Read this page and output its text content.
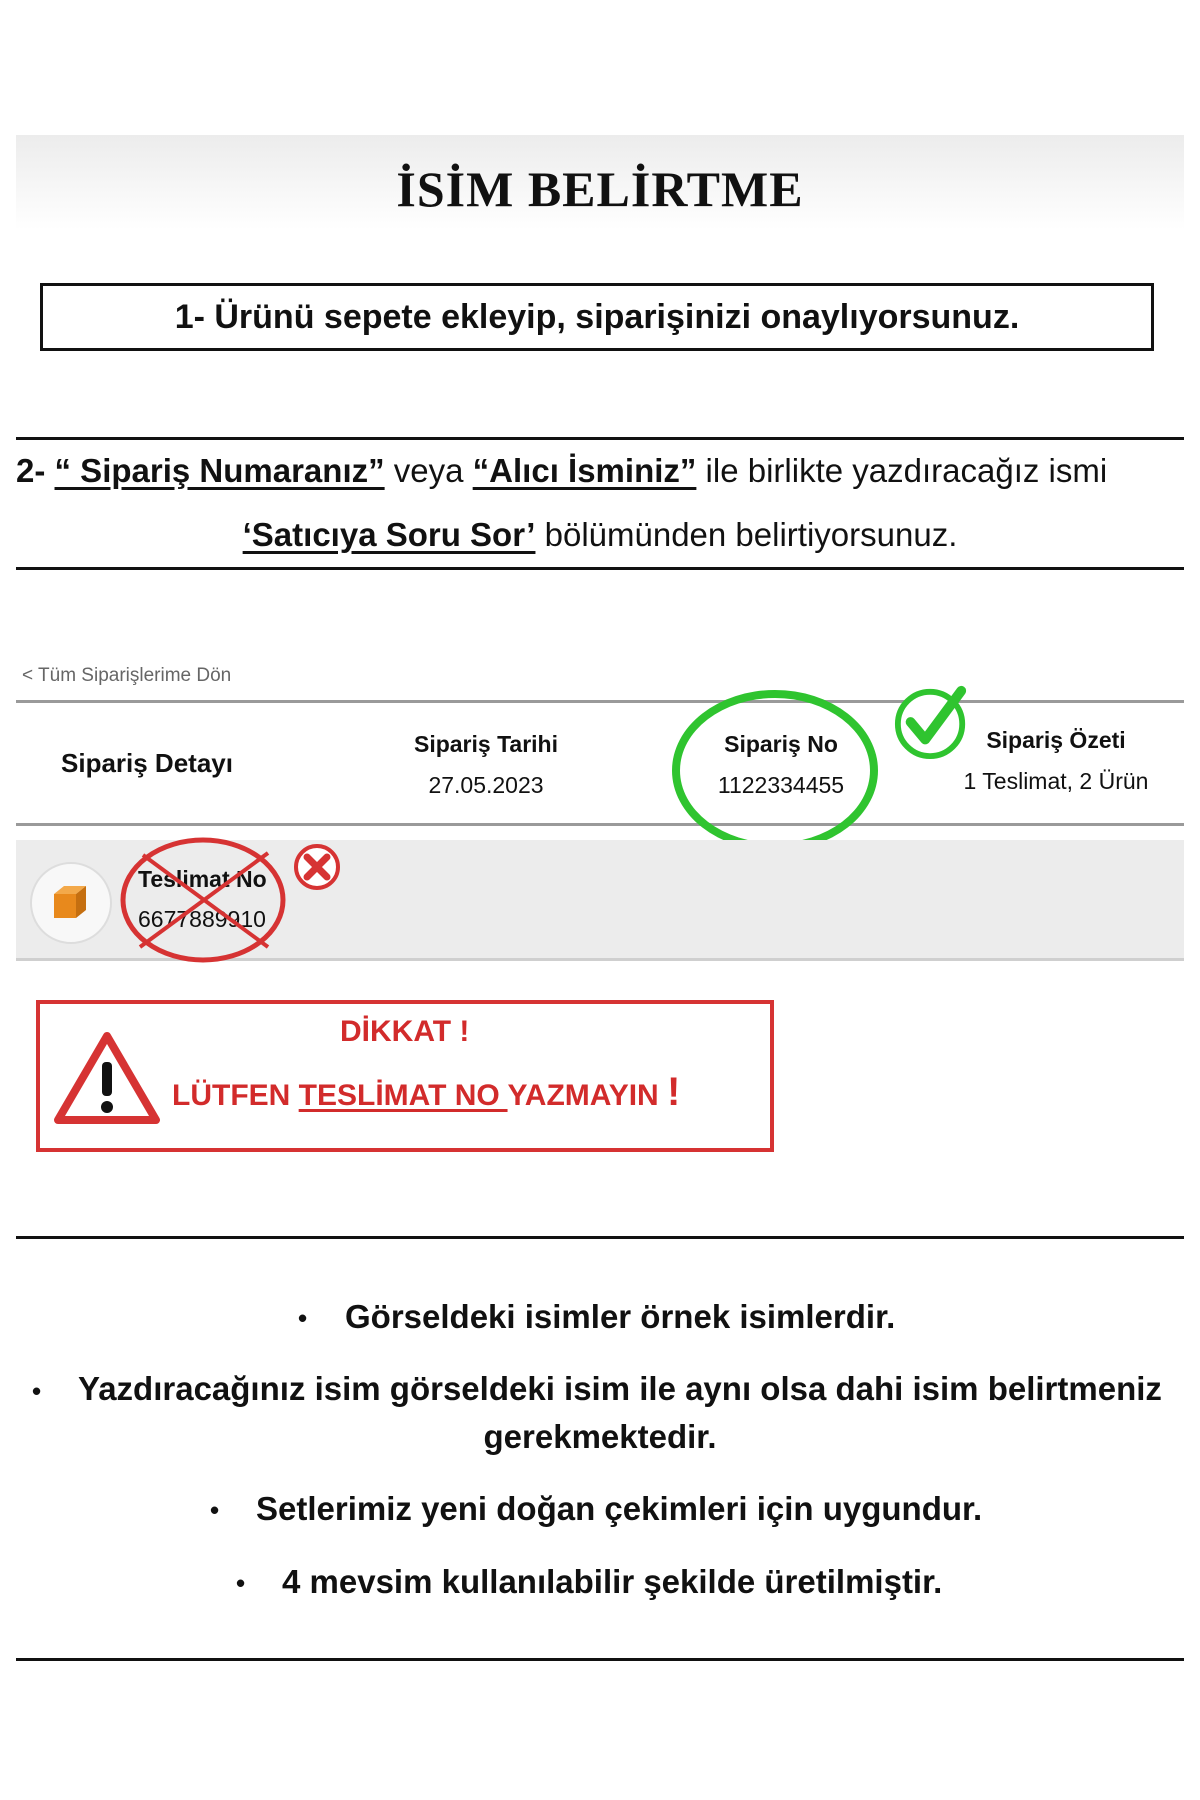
İSİM BELİRTME
1- Ürünü sepete ekleyip, siparişinizi onaylıyorsunuz.
2- “ Sipariş Numaranız” veya “Alıcı İsminiz” ile birlikte yazdıracağız ismi
‘Satıcıya Soru Sor’ bölümünden belirtiyorsunuz.
< Tüm Siparişlerime Dön
Sipariş Detayı
Sipariş Tarihi
27.05.2023
Sipariş No
1122334455
Sipariş Özeti
1 Teslimat, 2 Ürün
Teslimat No
6677889910
DİKKAT !
LÜTFEN TESLİMAT NO YAZMAYIN !
• Görseldeki isimler örnek isimlerdir.
• Yazdıracağınız isim görseldeki isim ile aynı olsa dahi isim belirtmeniz
gerekmektedir.
• Setlerimiz yeni doğan çekimleri için uygundur.
• 4 mevsim kullanılabilir şekilde üretilmiştir.
